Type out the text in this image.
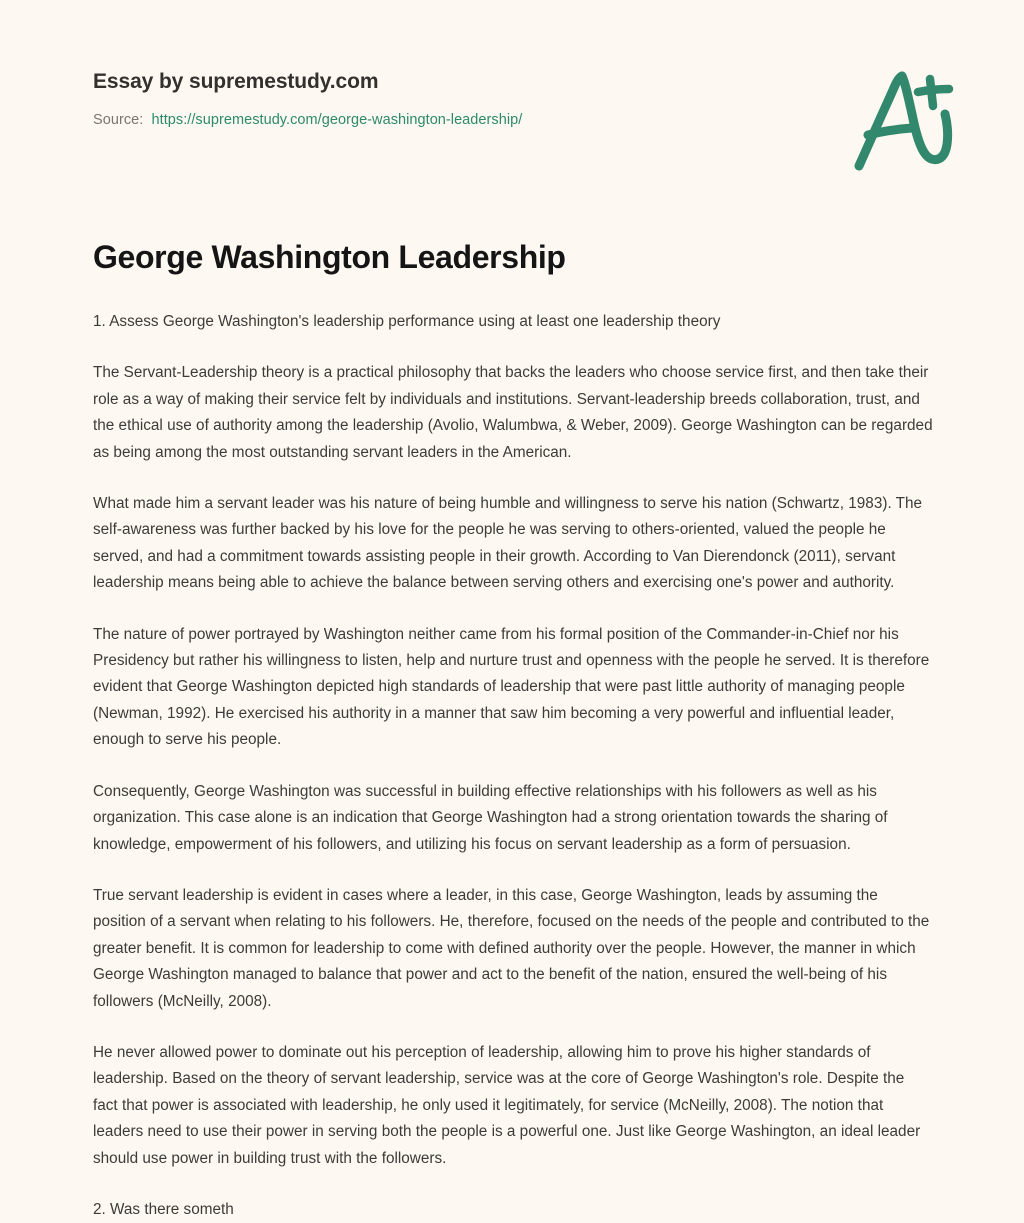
Essay by supremestudy.com
Source: https://supremestudy.com/george-washington-leadership/
George Washington Leadership

1. Assess George Washington's leadership performance using at least one leadership theory

The Servant-Leadership theory is a practical philosophy that backs the leaders who choose service first, and then take their role as a way of making their service felt by individuals and institutions. Servant-leadership breeds collaboration, trust, and the ethical use of authority among the leadership (Avolio, Walumbwa, & Weber, 2009). George Washington can be regarded as being among the most outstanding servant leaders in the American.

What made him a servant leader was his nature of being humble and willingness to serve his nation (Schwartz, 1983). The self-awareness was further backed by his love for the people he was serving to others-oriented, valued the people he served, and had a commitment towards assisting people in their growth. According to Van Dierendonck (2011), servant leadership means being able to achieve the balance between serving others and exercising one's power and authority.

The nature of power portrayed by Washington neither came from his formal position of the Commander-in-Chief nor his Presidency but rather his willingness to listen, help and nurture trust and openness with the people he served. It is therefore evident that George Washington depicted high standards of leadership that were past little authority of managing people (Newman, 1992). He exercised his authority in a manner that saw him becoming a very powerful and influential leader, enough to serve his people.

Consequently, George Washington was successful in building effective relationships with his followers as well as his organization. This case alone is an indication that George Washington had a strong orientation towards the sharing of knowledge, empowerment of his followers, and utilizing his focus on servant leadership as a form of persuasion.

True servant leadership is evident in cases where a leader, in this case, George Washington, leads by assuming the position of a servant when relating to his followers. He, therefore, focused on the needs of the people and contributed to the greater benefit. It is common for leadership to come with defined authority over the people. However, the manner in which George Washington managed to balance that power and act to the benefit of the nation, ensured the well-being of his followers (McNeilly, 2008).

He never allowed power to dominate out his perception of leadership, allowing him to prove his higher standards of leadership. Based on the theory of servant leadership, service was at the core of George Washington's role. Despite the fact that power is associated with leadership, he only used it legitimately, for service (McNeilly, 2008). The notion that leaders need to use their power in serving both the people is a powerful one. Just like George Washington, an ideal leader should use power in building trust with the followers.

2. Was there someth
